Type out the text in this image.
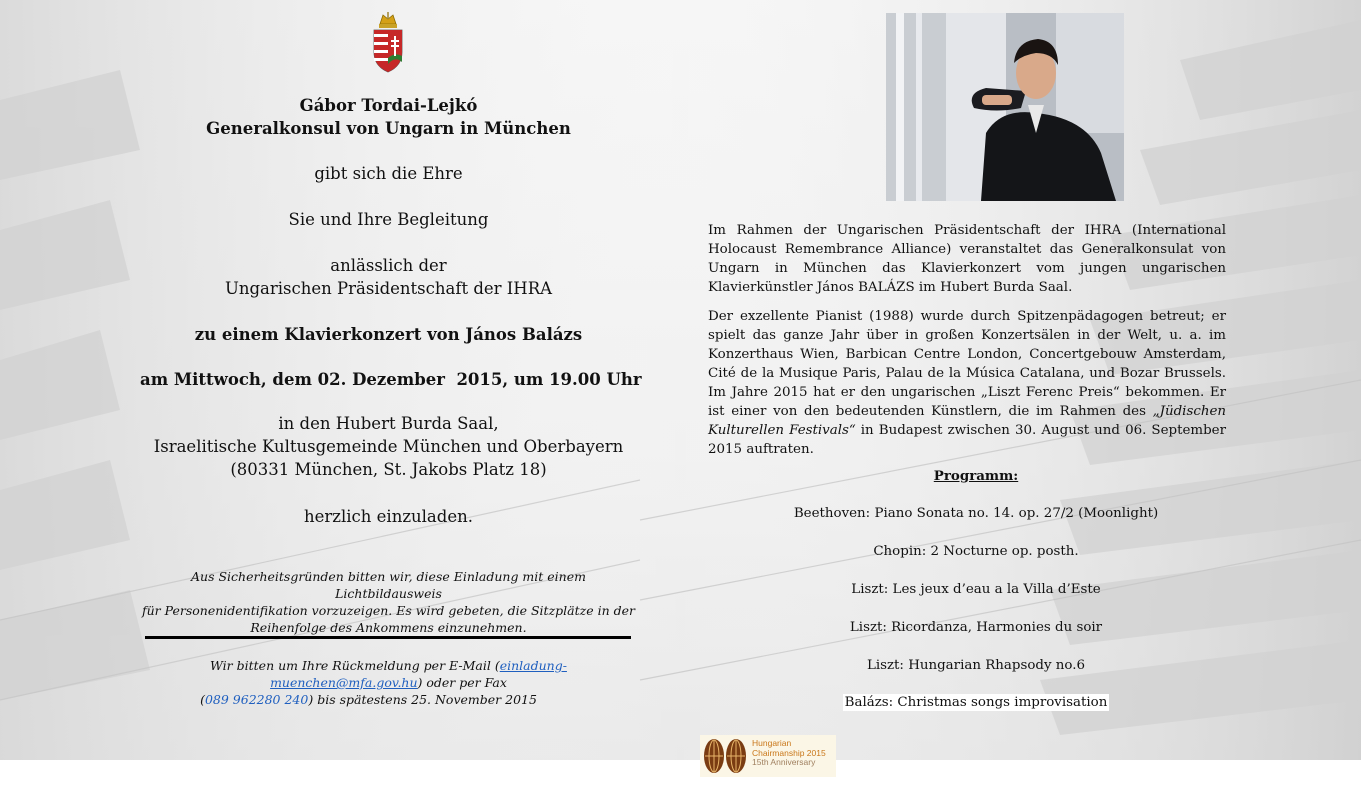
Gábor Tordai-Lejkó
Generalkonsul von Ungarn in München
gibt sich die Ehre
Sie und Ihre Begleitung
anlässlich der
Ungarischen Präsidentschaft der IHRA
zu einem Klavierkonzert von János Balázs
am Mittwoch, dem 02. Dezember  2015, um 19.00 Uhr
in den Hubert Burda Saal,
Israelitische Kultusgemeinde München und Oberbayern
(80331 München, St. Jakobs Platz 18)
herzlich einzuladen.
Aus Sicherheitsgründen bitten wir, diese Einladung mit einem Lichtbildausweis
für Personenidentifikation vorzuzeigen. Es wird gebeten, die Sitzplätze in der
Reihenfolge des Ankommens einzunehmen.
Wir bitten um Ihre Rückmeldung per E-Mail (einladung-
muenchen@mfa.gov.hu) oder per Fax
(089 962280 240) bis spätestens 25. November 2015

Im Rahmen der Ungarischen Präsidentschaft der IHRA (International Holocaust Remembrance Alliance) veranstaltet das Generalkonsulat von Ungarn in München das Klavierkonzert vom jungen ungarischen Klavierkünstler János BALÁZS im Hubert Burda Saal.

Der exzellente Pianist (1988) wurde durch Spitzenpädagogen betreut; er spielt das ganze Jahr über in großen Konzertsälen in der Welt, u. a. im Konzerthaus Wien, Barbican Centre London, Concertgebouw Amsterdam, Cité de la Musique Paris, Palau de la Música Catalana, und Bozar Brussels. Im Jahre 2015 hat er den ungarischen „Liszt Ferenc Preis“ bekommen. Er ist einer von den bedeutenden Künstlern, die im Rahmen des „Jüdischen Kulturellen Festivals“ in Budapest zwischen 30. August und 06. September 2015 auftraten.

Programm:
Beethoven: Piano Sonata no. 14. op. 27/2 (Moonlight)
Chopin: 2 Nocturne op. posth.
Liszt: Les jeux d’eau a la Villa d’Este
Liszt: Ricordanza, Harmonies du soir
Liszt: Hungarian Rhapsody no.6
Balázs: Christmas songs improvisation
Hungarian
Chairmanship 2015
15th Anniversary
